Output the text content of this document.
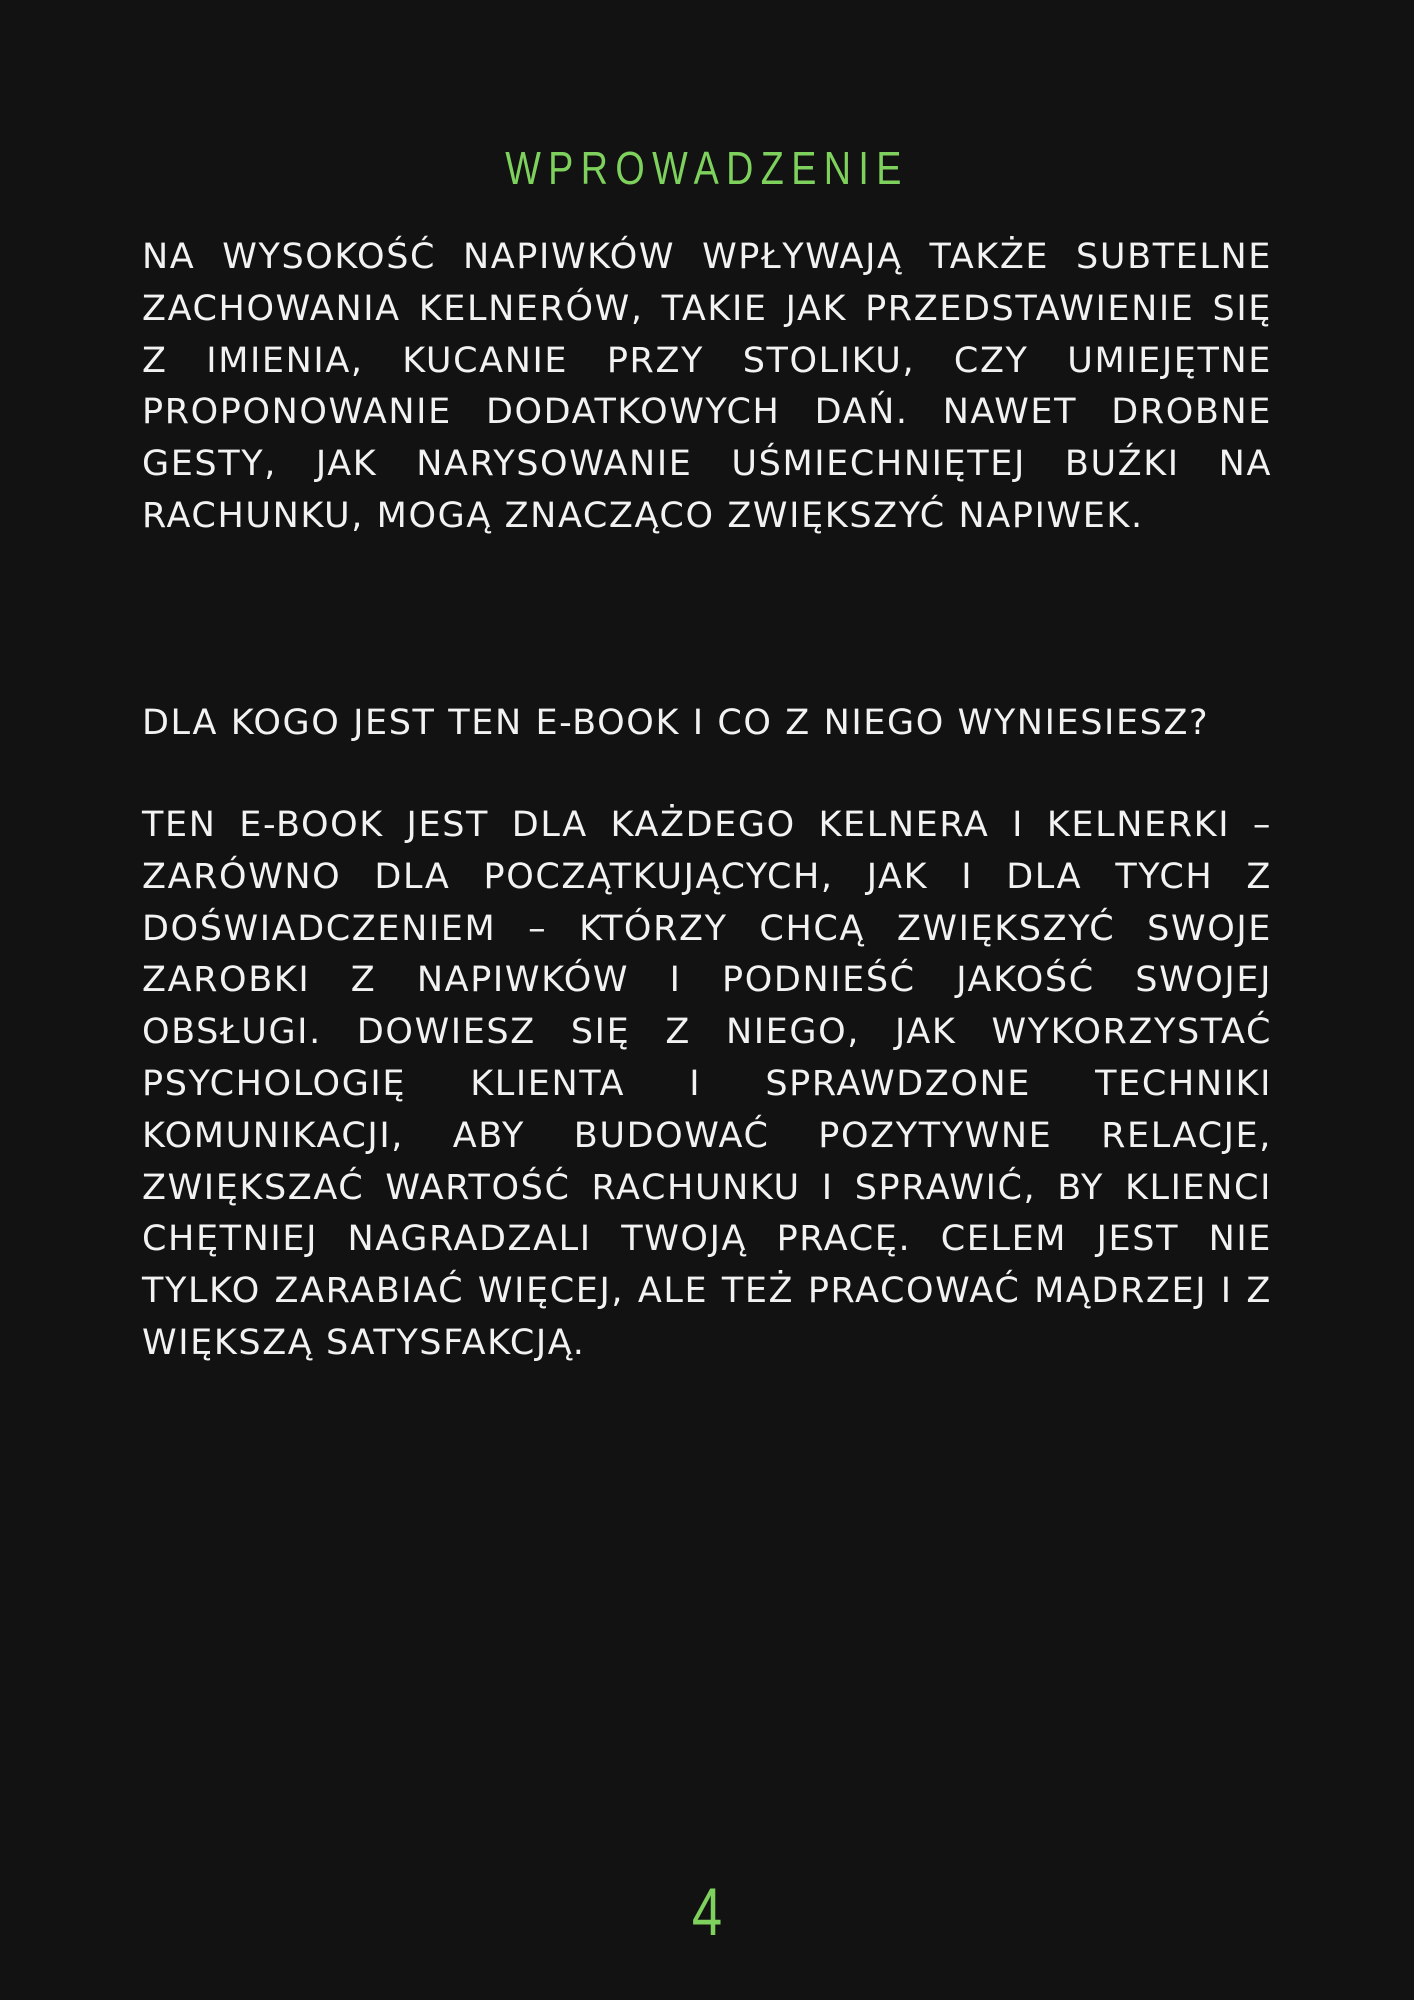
WPROWADZENIE
NA WYSOKOŚĆ NAPIWKÓW WPŁYWAJĄ TAKŻE SUBTELNE ZACHOWANIA KELNERÓW, TAKIE JAK PRZEDSTAWIENIE SIĘ Z IMIENIA, KUCANIE PRZY STOLIKU, CZY UMIEJĘTNE PROPONOWANIE DODATKOWYCH DAŃ. NAWET DROBNE GESTY, JAK NARYSOWANIE UŚMIECHNIĘTEJ BUŹKI NA RACHUNKU, MOGĄ ZNACZĄCO ZWIĘKSZYĆ NAPIWEK.
DLA KOGO JEST TEN E-BOOK I CO Z NIEGO WYNIESIESZ?
TEN E-BOOK JEST DLA KAŻDEGO KELNERA I KELNERKI – ZARÓWNO DLA POCZĄTKUJĄCYCH, JAK I DLA TYCH Z DOŚWIADCZENIEM – KTÓRZY CHCĄ ZWIĘKSZYĆ SWOJE ZAROBKI Z NAPIWKÓW I PODNIEŚĆ JAKOŚĆ SWOJEJ OBSŁUGI. DOWIESZ SIĘ Z NIEGO, JAK WYKORZYSTAĆ PSYCHOLOGIĘ KLIENTA I SPRAWDZONE TECHNIKI KOMUNIKACJI, ABY BUDOWAĆ POZYTYWNE RELACJE, ZWIĘKSZAĆ WARTOŚĆ RACHUNKU I SPRAWIĆ, BY KLIENCI CHĘTNIEJ NAGRADZALI TWOJĄ PRACĘ. CELEM JEST NIE TYLKO ZARABIAĆ WIĘCEJ, ALE TEŻ PRACOWAĆ MĄDRZEJ I Z WIĘKSZĄ SATYSFAKCJĄ.
4
